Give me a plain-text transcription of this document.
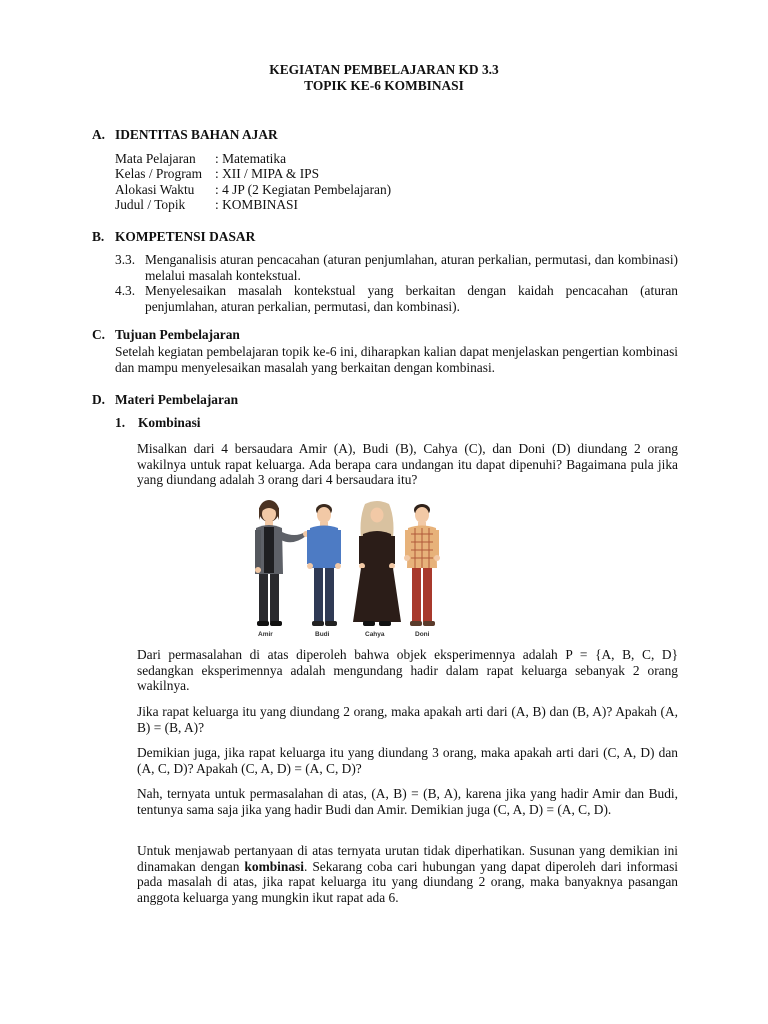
KEGIATAN PEMBELAJARAN KD 3.3
TOPIK KE-6 KOMBINASI
A. IDENTITAS BAHAN AJAR
Mata Pelajaran : Matematika
Kelas / Program : XII / MIPA & IPS
Alokasi Waktu : 4 JP (2 Kegiatan Pembelajaran)
Judul / Topik : KOMBINASI
B. KOMPETENSI DASAR
3.3. Menganalisis aturan pencacahan (aturan penjumlahan, aturan perkalian, permutasi, dan kombinasi) melalui masalah kontekstual.
4.3. Menyelesaikan masalah kontekstual yang berkaitan dengan kaidah pencacahan (aturan penjumlahan, aturan perkalian, permutasi, dan kombinasi).
C. Tujuan Pembelajaran
Setelah kegiatan pembelajaran topik ke-6 ini, diharapkan kalian dapat menjelaskan pengertian kombinasi dan mampu menyelesaikan masalah yang berkaitan dengan kombinasi.
D. Materi Pembelajaran
1. Kombinasi
Misalkan dari 4 bersaudara Amir (A), Budi (B), Cahya (C), dan Doni (D) diundang 2 orang wakilnya untuk rapat keluarga. Ada berapa cara undangan itu dapat dipenuhi? Bagaimana pula jika yang diundang adalah 3 orang dari 4 bersaudara itu?
Amir	Budi	Cahya	Doni
Dari permasalahan di atas diperoleh bahwa objek eksperimennya adalah P = {A, B, C, D} sedangkan eksperimennya adalah mengundang hadir dalam rapat keluarga sebanyak 2 orang wakilnya.
Jika rapat keluarga itu yang diundang 2 orang, maka apakah arti dari (A, B) dan (B, A)? Apakah (A, B) = (B, A)?
Demikian juga, jika rapat keluarga itu yang diundang 3 orang, maka apakah arti dari (C, A, D) dan (A, C, D)? Apakah (C, A, D) = (A, C, D)?
Nah, ternyata untuk permasalahan di atas, (A, B) = (B, A), karena jika yang hadir Amir dan Budi, tentunya sama saja jika yang hadir Budi dan Amir. Demikian juga (C, A, D) = (A, C, D).
Untuk menjawab pertanyaan di atas ternyata urutan tidak diperhatikan. Susunan yang demikian ini dinamakan dengan kombinasi. Sekarang coba cari hubungan yang dapat diperoleh dari informasi pada masalah di atas, jika rapat keluarga itu yang diundang 2 orang, maka banyaknya pasangan anggota keluarga yang mungkin ikut rapat ada 6.
